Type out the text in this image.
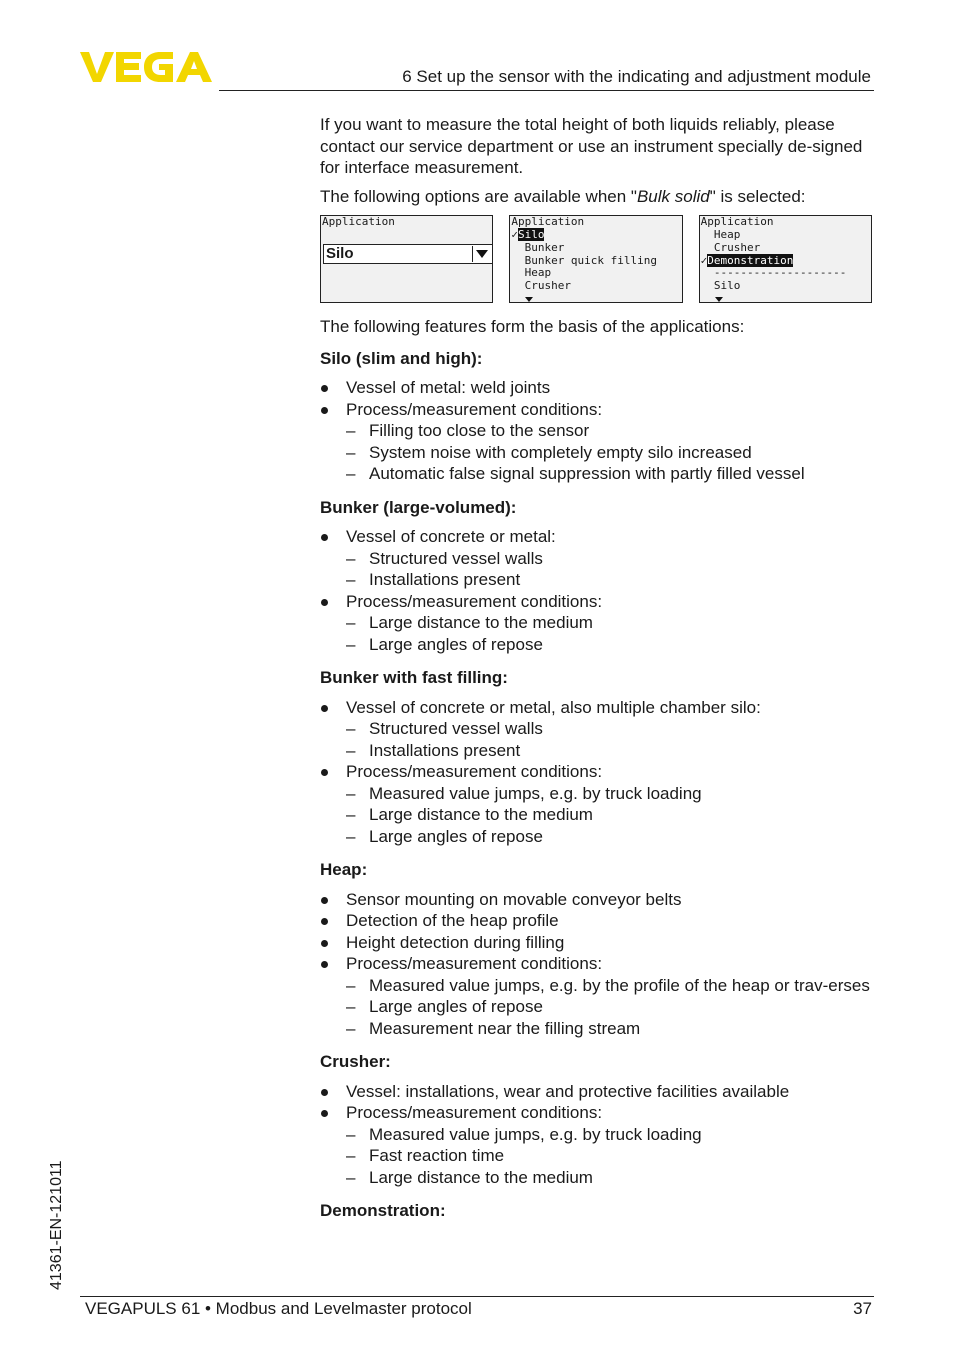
6 Set up the sensor with the indicating and adjustment module

If you want to measure the total height of both liquids reliably, please contact our service department or use an instrument specially de-signed for interface measurement.

The following options are available when "Bulk solid" is selected:

Application
Silo
Application
✓Silo
Bunker
Bunker quick filling
Heap
Crusher
Application
Heap
Crusher
✓Demonstration
--------------------
Silo

The following features form the basis of the applications:

Silo (slim and high):
Vessel of metal: weld joints
Process/measurement conditions:
– Filling too close to the sensor
– System noise with completely empty silo increased
– Automatic false signal suppression with partly filled vessel
Bunker (large-volumed):
Vessel of concrete or metal:
– Structured vessel walls
– Installations present
Process/measurement conditions:
– Large distance to the medium
– Large angles of repose
Bunker with fast filling:
Vessel of concrete or metal, also multiple chamber silo:
– Structured vessel walls
– Installations present
Process/measurement conditions:
– Measured value jumps, e.g. by truck loading
– Large distance to the medium
– Large angles of repose
Heap:
Sensor mounting on movable conveyor belts
Detection of the heap profile
Height detection during filling
Process/measurement conditions:
– Measured value jumps, e.g. by the profile of the heap or trav-erses
– Large angles of repose
– Measurement near the filling stream
Crusher:
Vessel: installations, wear and protective facilities available
Process/measurement conditions:
– Measured value jumps, e.g. by truck loading
– Fast reaction time
– Large distance to the medium
Demonstration:
41361-EN-121011
VEGAPULS 61 • Modbus and Levelmaster protocol	37
